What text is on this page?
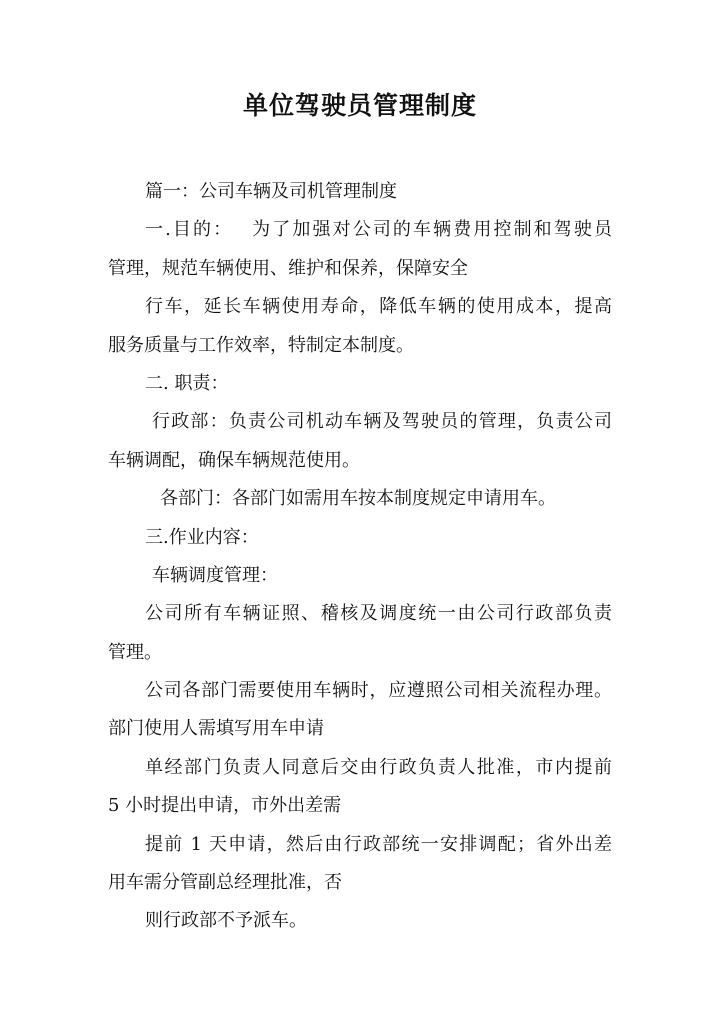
单位驾驶员管理制度
篇一：公司车辆及司机管理制度
一.目的：　 为了加强对公司的车辆费用控制和驾驶员
管理，规范车辆使用、维护和保养，保障安全
行车，延长车辆使用寿命，降低车辆的使用成本，提高
服务质量与工作效率，特制定本制度。
二. 职责：
行政部：负责公司机动车辆及驾驶员的管理，负责公司
车辆调配，确保车辆规范使用。
各部门：各部门如需用车按本制度规定申请用车。
三.作业内容：
车辆调度管理：
公司所有车辆证照、稽核及调度统一由公司行政部负责
管理。
公司各部门需要使用车辆时，应遵照公司相关流程办理。
部门使用人需填写用车申请
单经部门负责人同意后交由行政负责人批准，市内提前
5 小时提出申请，市外出差需
提前 1 天申请，然后由行政部统一安排调配；省外出差
用车需分管副总经理批准，否
则行政部不予派车。
